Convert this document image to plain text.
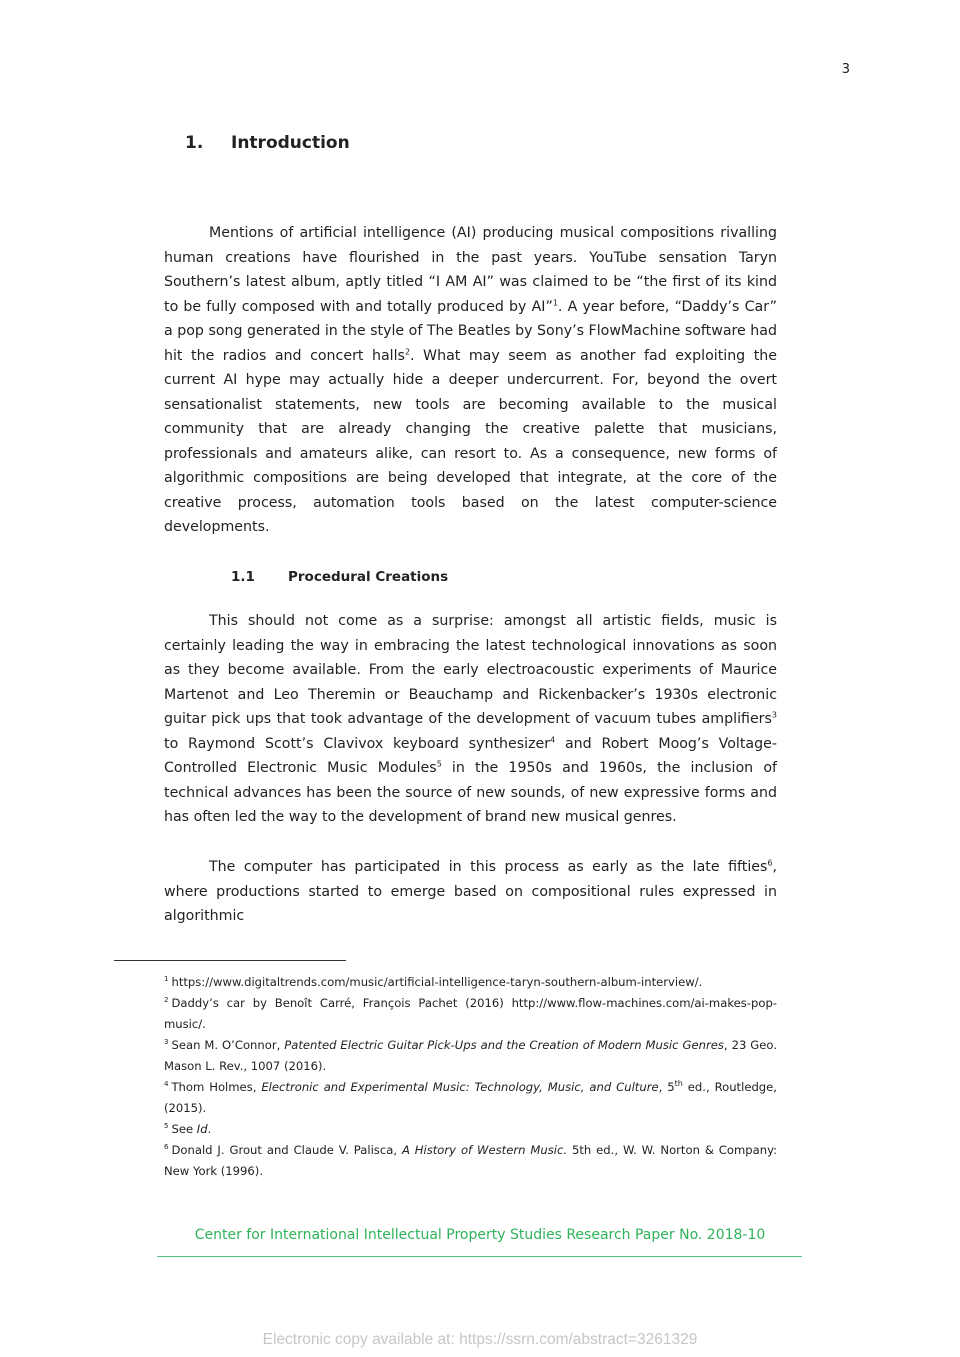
3
1. Introduction

Mentions of artificial intelligence (AI) producing musical compositions rivalling human creations have flourished in the past years. YouTube sensation Taryn Southern’s latest album, aptly titled “I AM AI” was claimed to be “the first of its kind to be fully composed with and totally produced by AI”$^1$. A year before, “Daddy’s Car” a pop song generated in the style of The Beatles by Sony’s FlowMachine software had hit the radios and concert halls$^2$. What may seem as another fad exploiting the current AI hype may actually hide a deeper undercurrent. For, beyond the overt sensationalist statements, new tools are becoming available to the musical community that are already changing the creative palette that musicians, professionals and amateurs alike, can resort to. As a consequence, new forms of algorithmic compositions are being developed that integrate, at the core of the creative process, automation tools based on the latest computer-science developments.

1.1 Procedural Creations

This should not come as a surprise: amongst all artistic fields, music is certainly leading the way in embracing the latest technological innovations as soon as they become available. From the early electroacoustic experiments of Maurice Martenot and Leo Theremin or Beauchamp and Rickenbacker’s 1930s electronic guitar pick ups that took advantage of the development of vacuum tubes amplifiers$^3$ to Raymond Scott’s Clavivox keyboard synthesizer$^4$ and Robert Moog’s Voltage-Controlled Electronic Music Modules$^5$ in the 1950s and 1960s, the inclusion of technical advances has been the source of new sounds, of new expressive forms and has often led the way to the development of brand new musical genres.

The computer has participated in this process as early as the late fifties$^6$, where productions started to emerge based on compositional rules expressed in algorithmic

$^1$ https://www.digitaltrends.com/music/artificial-intelligence-taryn-southern-album-interview/.
$^2$ Daddy’s car by Benoît Carré, François Pachet (2016) http://www.flow-machines.com/ai-makes-pop-music/.
$^3$ Sean M. O’Connor, Patented Electric Guitar Pick-Ups and the Creation of Modern Music Genres, 23 Geo. Mason L. Rev., 1007 (2016).
$^4$ Thom Holmes, Electronic and Experimental Music: Technology, Music, and Culture, 5th ed., Routledge, (2015).
$^5$ See Id.
$^6$ Donald J. Grout and Claude V. Palisca, A History of Western Music. 5th ed., W. W. Norton & Company: New York (1996).
Center for International Intellectual Property Studies Research Paper No. 2018-10
Electronic copy available at: https://ssrn.com/abstract=3261329
